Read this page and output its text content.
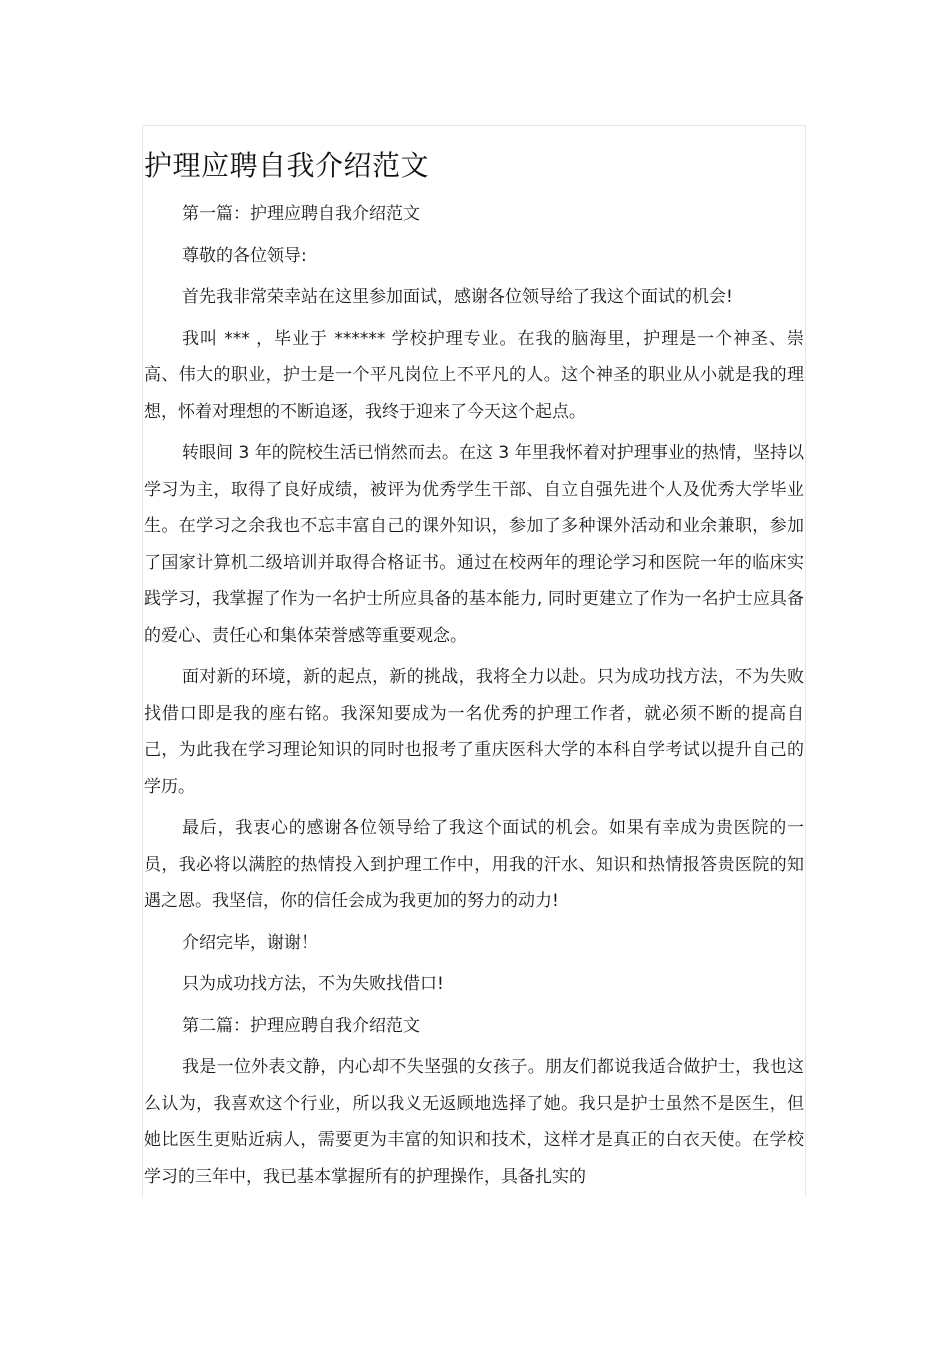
护理应聘自我介绍范文

第一篇：护理应聘自我介绍范文

尊敬的各位领导:

首先我非常荣幸站在这里参加面试，感谢各位领导给了我这个面试的机会!

我叫 *** ，毕业于 ****** 学校护理专业。在我的脑海里，护理是一个神圣、崇高、伟大的职业，护士是一个平凡岗位上不平凡的人。这个神圣的职业从小就是我的理想，怀着对理想的不断追逐，我终于迎来了今天这个起点。

转眼间 3 年的院校生活已悄然而去。在这 3 年里我怀着对护理事业的热情，坚持以学习为主，取得了良好成绩，被评为优秀学生干部、自立自强先进个人及优秀大学毕业生。在学习之余我也不忘丰富自己的课外知识，参加了多种课外活动和业余兼职，参加了国家计算机二级培训并取得合格证书。通过在校两年的理论学习和医院一年的临床实践学习，我掌握了作为一名护士所应具备的基本能力, 同时更建立了作为一名护士应具备的爱心、责任心和集体荣誉感等重要观念。

面对新的环境，新的起点，新的挑战，我将全力以赴。只为成功找方法，不为失败找借口即是我的座右铭。我深知要成为一名优秀的护理工作者，就必须不断的提高自己，为此我在学习理论知识的同时也报考了重庆医科大学的本科自学考试以提升自己的学历。

最后，我衷心的感谢各位领导给了我这个面试的机会。如果有幸成为贵医院的一员，我必将以满腔的热情投入到护理工作中，用我的汗水、知识和热情报答贵医院的知遇之恩。我坚信，你的信任会成为我更加的努力的动力!

介绍完毕，谢谢！

只为成功找方法，不为失败找借口!

第二篇：护理应聘自我介绍范文

我是一位外表文静，内心却不失坚强的女孩子。朋友们都说我适合做护士，我也这么认为，我喜欢这个行业，所以我义无返顾地选择了她。我只是护士虽然不是医生，但她比医生更贴近病人，需要更为丰富的知识和技术，这样才是真正的白衣天使。在学校学习的三年中，我已基本掌握所有的护理操作，具备扎实的
